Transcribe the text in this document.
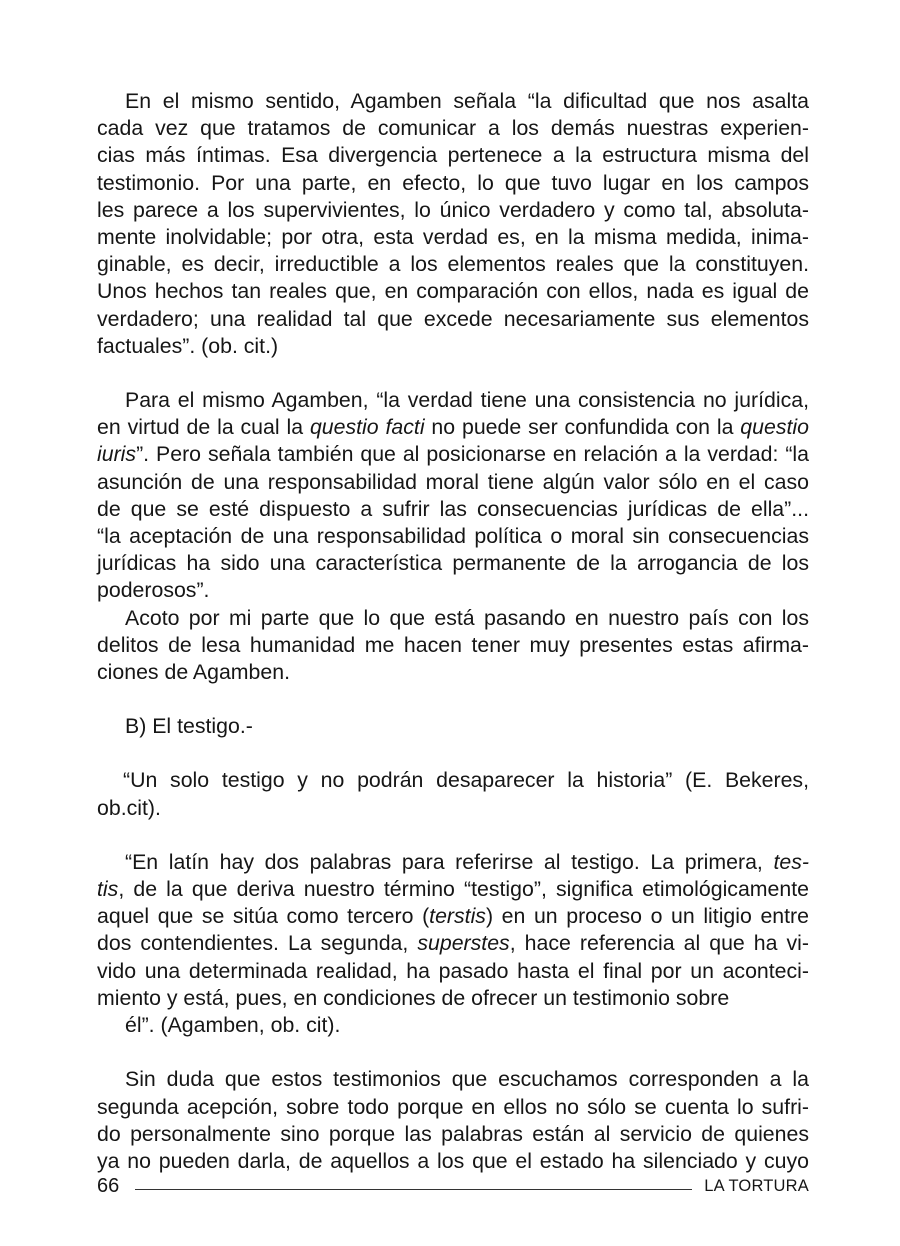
En el mismo sentido, Agamben señala “la dificultad que nos asalta
cada vez que tratamos de comunicar a los demás nuestras experien-
cias más íntimas. Esa divergencia pertenece a la estructura misma del
testimonio. Por una parte, en efecto, lo que tuvo lugar en los campos
les parece a los supervivientes, lo único verdadero y como tal, absoluta-
mente inolvidable; por otra, esta verdad es, en la misma medida, inima-
ginable, es decir, irreductible a los elementos reales que la constituyen.
Unos hechos tan reales que, en comparación con ellos, nada es igual de
verdadero; una realidad tal que excede necesariamente sus elementos
factuales”. (ob. cit.)
Para el mismo Agamben, “la verdad tiene una consistencia no jurídica,
en virtud de la cual la questio facti no puede ser confundida con la questio
iuris”. Pero señala también que al posicionarse en relación a la verdad: “la
asunción de una responsabilidad moral tiene algún valor sólo en el caso
de que se esté dispuesto a sufrir las consecuencias jurídicas de ella”...
“la aceptación de una responsabilidad política o moral sin consecuencias
jurídicas ha sido una característica permanente de la arrogancia de los
poderosos”.
Acoto por mi parte que lo que está pasando en nuestro país con los
delitos de lesa humanidad me hacen tener muy presentes estas afirma-
ciones de Agamben.
B) El testigo.-
“Un solo testigo y no podrán desaparecer la historia” (E. Bekeres,
ob.cit).
“En latín hay dos palabras para referirse al testigo. La primera, tes-
tis, de la que deriva nuestro término “testigo”, significa etimológicamente
aquel que se sitúa como tercero (terstis) en un proceso o un litigio entre
dos contendientes. La segunda, superstes, hace referencia al que ha vi-
vido una determinada realidad, ha pasado hasta el final por un aconteci-
miento y está, pues, en condiciones de ofrecer un testimonio sobre
él”. (Agamben, ob. cit).
Sin duda que estos testimonios que escuchamos corresponden a la
segunda acepción, sobre todo porque en ellos no sólo se cuenta lo sufri-
do personalmente sino porque las palabras están al servicio de quienes
ya no pueden darla, de aquellos a los que el estado ha silenciado y cuyo
66	LA TORTURA
